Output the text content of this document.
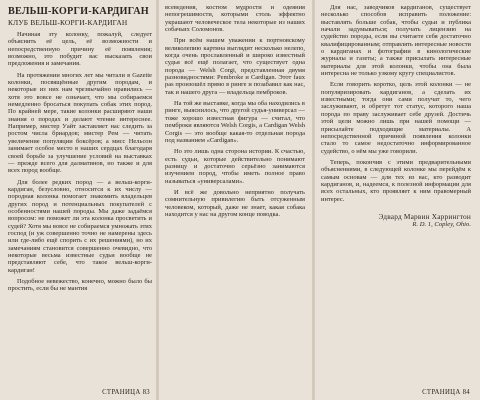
ВЕЛЬШ-КОРГИ-КАРДИГАН
КЛУБ ВЕЛЬШ-КОРГИ-КАРДИГАН

Начиная эту колонку, пожалуй, следует объяснить её цель, её возможности и непосредственную причину её появления; возможно, это побудит вас высказать свои предложения и замечания.

На протяжении многих лет мы читали в Gazette колонки, посвящённые другим породам, и некоторые из них нам чрезвычайно нравились — хотя это вовсе не означает, что мы собираемся немедленно бросаться покупать собак этих пород. По крайней мере, такие колонки расширяют наши знания о породах и делают чтение интереснее. Например, мистер Уайт заставляет нас следить за ростом числа бриардов; мистер Рем — читать увеличение популяции боксёров; а мисс Нельсон занимает особое место в наших сердцах благодаря своей борьбе за улучшение условий на выставках — прежде всего для далматинов, но также и для всех пород вообще.

Для более редких пород — а вельш-корги-кардиган, безусловно, относится к их числу — породная колонка помогает знакомить владельцев других пород и потенциальных покупателей с особенностями нашей породы. Мы даже задаёмся вопросом: не поможет ли эта колонка просветить и судей? Хотя мы вовсе не собираемся умножать этих господ (и уж совершенно точно не намерены здесь или где-либо ещё спорить с их решениями), но их замечаниям становится совершенно очевидно, что некоторые весьма известные судьи вообще не представляют себе, что такое вельш-корги-кардиган!

Подобное невежество, конечно, можно было бы простить, если бы не мантия

СТРАНИЦА 83

всеведения, костюм мудрости и одеяния непогрешимости, которыми столь эффектно украшают человеческое тела некоторые из наших собачьих Соломонов.

При всём нашем уважении к портновскому великолепию картина выглядит несколько нелепо, когда очень прославленный и широко известный судья всё ещё полагает, что существует одна порода — Welsh Corgi, представленная двумя разновидностями: Pembroke и Cardigan. Этот faux pas произошёл прямо в ринге и позабавил как нас, так и нашего друга — владельца пемброков.

На той же выставке, когда мы оба находились в ринге, выяснилось, что другой судья-универсал — тоже хорошо известная фигура — считал, что пемброки являются Welsh Corgis, а Cardigan Welsh Corgis — это вообще какая-то отдельная порода под названием «Cardigan».

Но это лишь одна сторона истории. К счастью, есть судьи, которые действительно понимают разницу и достаточно серьёзно занимаются изучением пород, чтобы иметь полное право называться «универсалами».

И всё же довольно неприятно получать сомнительную привилегию быть отсуженным человеком, который, даже не знает, какая собака находится у нас на другом конце поводка.

Для нас, заводчиков кардиганов, существует несколько способов исправить положение: выставлять больше собак, чтобы судьи и публика начали задумываться; получать лицензию на судейство породы, если вы считаете себя достаточно квалифицированным; отправлять интересные новости о кардиганах и фотографии в кинологические журналы и газеты; а также присылать интересные материалы для этой колонки, чтобы она была интересна не только узкому кругу специалистов.

Если говорить коротко, цель этой колонки — не популяризировать кардиганов, а сделать их известными; тогда они сами получат то, чего заслуживают, и обретут тот статус, которого наша порода по праву заслуживает себе друзей. Достичь этой цели можно лишь при нашей помощи — присылайте подходящие материалы. А непосредственной причиной появления колонки стало то самое недостаточно информированное судейство, о нём мы уже говорили.

Теперь, покончив с этими предварительными объяснениями, в следующей колонке мы перейдём к самым основам — для тех из вас, кто разводит кардиганов, и, надеемся, к полезной информации для всех остальных, кто проявляет к ним правомерный интерес.

Эдвард Марвин Харрингтон
R. D. 1, Copley, Ohio.
СТРАНИЦА 84
